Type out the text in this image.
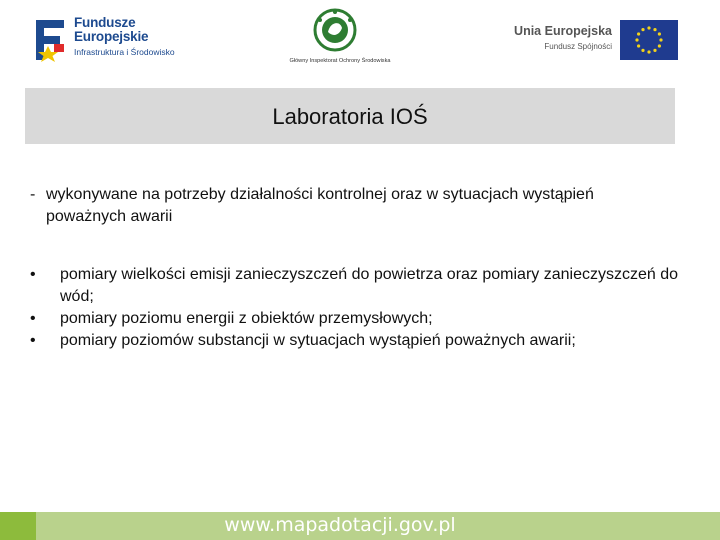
Fundusze
Europejskie
Infrastruktura i Środowisko
Główny Inspektorat Ochrony Środowiska
Unia Europejska
Fundusz Spójności
Laboratoria IOŚ
- wykonywane na potrzeby działalności kontrolnej oraz w sytuacjach wystąpień poważnych awarii
• pomiary wielkości emisji zanieczyszczeń do powietrza oraz pomiary zanieczyszczeń do wód;
• pomiary poziomu energii z obiektów przemysłowych;
• pomiary poziomów substancji w sytuacjach wystąpień poważnych awarii;
www.mapadotacji.gov.pl
